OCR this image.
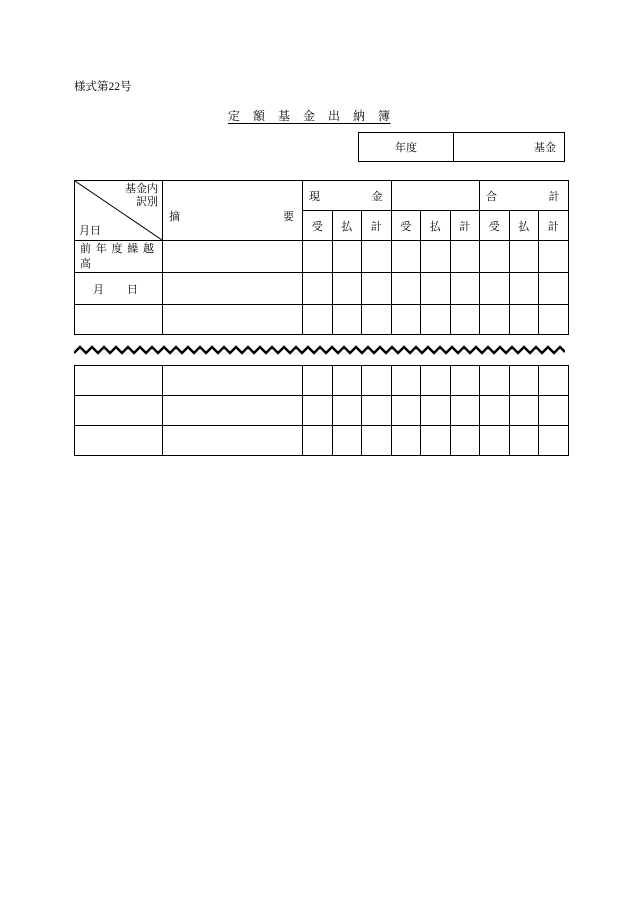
様式第22号
定　額　基　金　出　納　簿
年度	基金
基金内
訳別
月日	摘 要	現 金						合 計		

		受	払	計	受	払	計	受	払	計

前 年 度 繰 越
高										

月　日										
